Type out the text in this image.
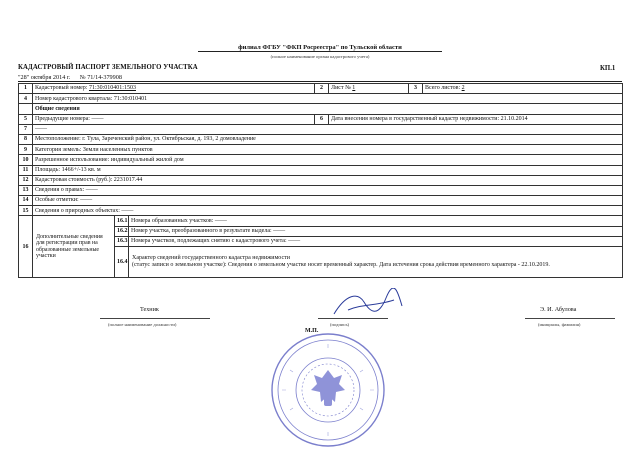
филиал ФГБУ "ФКП Росреестра" по Тульской области
(полное наименование органа кадастрового учета)
КАДАСТРОВЫЙ ПАСПОРТ ЗЕМЕЛЬНОГО УЧАСТКА	КП.1
"28" октября 2014 г. № 71/14-379908
1	Кадастровый номер: 71:30:010401:1503			2	Лист № 1	3	Всего листов: 2
4	Номер кадастрового квартала: 71:30:010401						
	Общие сведения						
5	Предыдущие номера: ——			6	Дата внесения номера в государственный кадастр недвижимости: 21.10.2014		
7	——						
8	Местоположение: г. Тула, Зареченский район, ул. Октябрьская, д. 193, 2 домовладение						
9	Категория земель: Земли населенных пунктов						
10	Разрешенное использование: индивидуальный жилой дом						
11	Площадь: 1466+/-13 кв. м						
12	Кадастровая стоимость (руб.): 2231017.44						
13	Сведения о правах: ——						
14	Особые отметки: ——						
15	Сведения о природных объектах: ——						
16	Дополнительные сведения для регистрации прав на образованные земельные участки	16.1	Номера образованных участков: ——				
		16.2	Номер участка, преобразованного в результате выдела: ——				
		16.3	Номера участков, подлежащих снятию с кадастрового учета: ——				
		16.4	Характер сведений государственного кадастра недвижимости
(статус записи о земельном участке): Сведения о земельном участке носят временный характер. Дата истечения срока действия временного характера - 22.10.2019.				
Техник
(полное наименование должности)	(подпись)
М.П.
Э. И. Абулова
(инициалы, фамилия)
